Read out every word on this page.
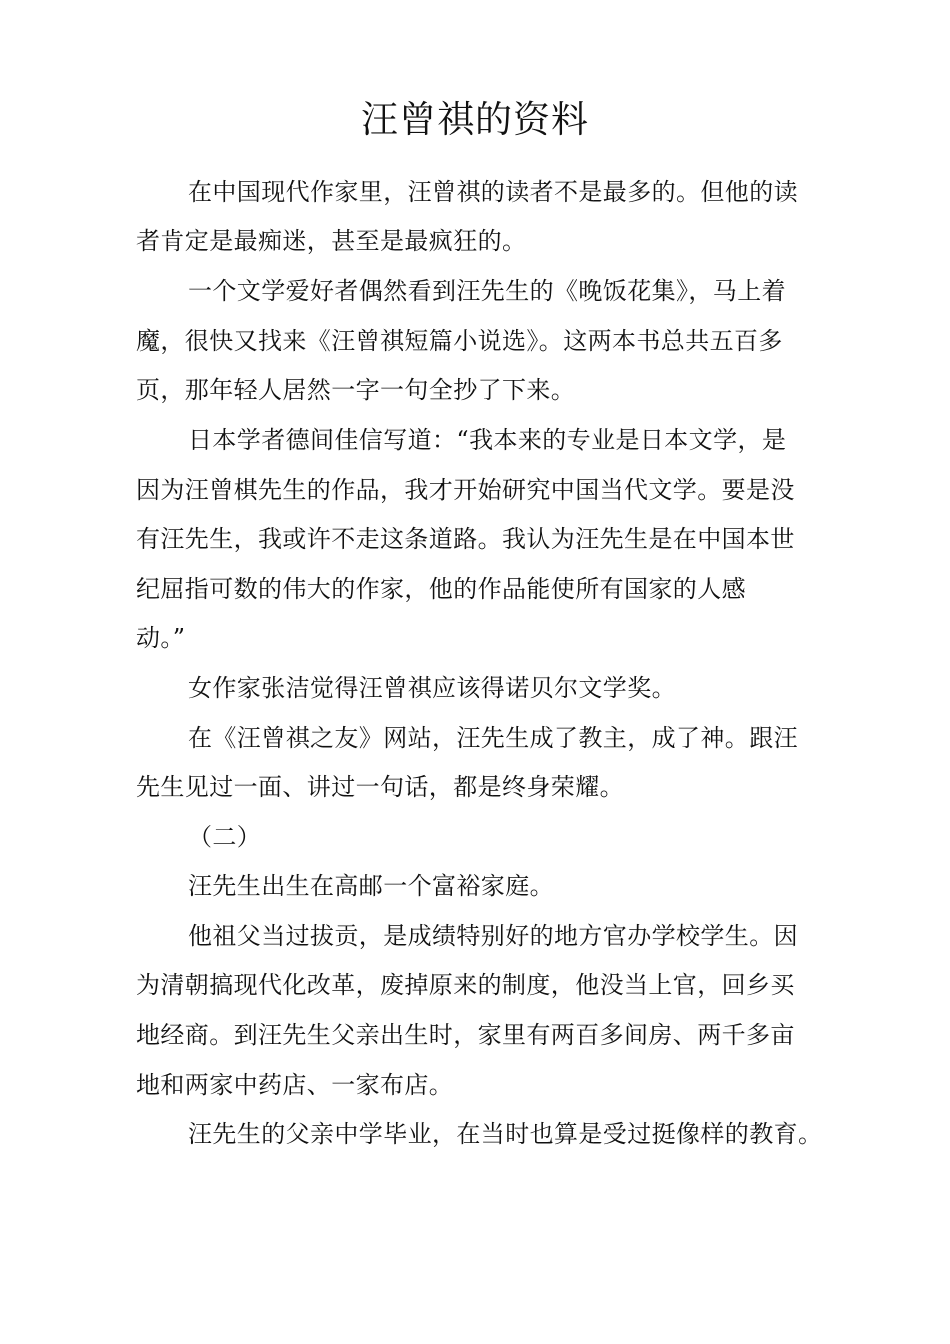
汪曾祺的资料
在中国现代作家里，汪曾祺的读者不是最多的。但他的读
者肯定是最痴迷，甚至是最疯狂的。
一个文学爱好者偶然看到汪先生的《晚饭花集》，马上着
魔，很快又找来《汪曾祺短篇小说选》。这两本书总共五百多
页，那年轻人居然一字一句全抄了下来。
日本学者德间佳信写道：“我本来的专业是日本文学，是
因为汪曾棋先生的作品，我才开始研究中国当代文学。要是没
有汪先生，我或许不走这条道路。我认为汪先生是在中国本世
纪屈指可数的伟大的作家，他的作品能使所有国家的人感
动。”
女作家张洁觉得汪曾祺应该得诺贝尔文学奖。
在《汪曾祺之友》网站，汪先生成了教主，成了神。跟汪
先生见过一面、讲过一句话，都是终身荣耀。
（二）
汪先生出生在高邮一个富裕家庭。
他祖父当过拔贡，是成绩特别好的地方官办学校学生。因
为清朝搞现代化改革，废掉原来的制度，他没当上官，回乡买
地经商。到汪先生父亲出生时，家里有两百多间房、两千多亩
地和两家中药店、一家布店。
汪先生的父亲中学毕业，在当时也算是受过挺像样的教育。
